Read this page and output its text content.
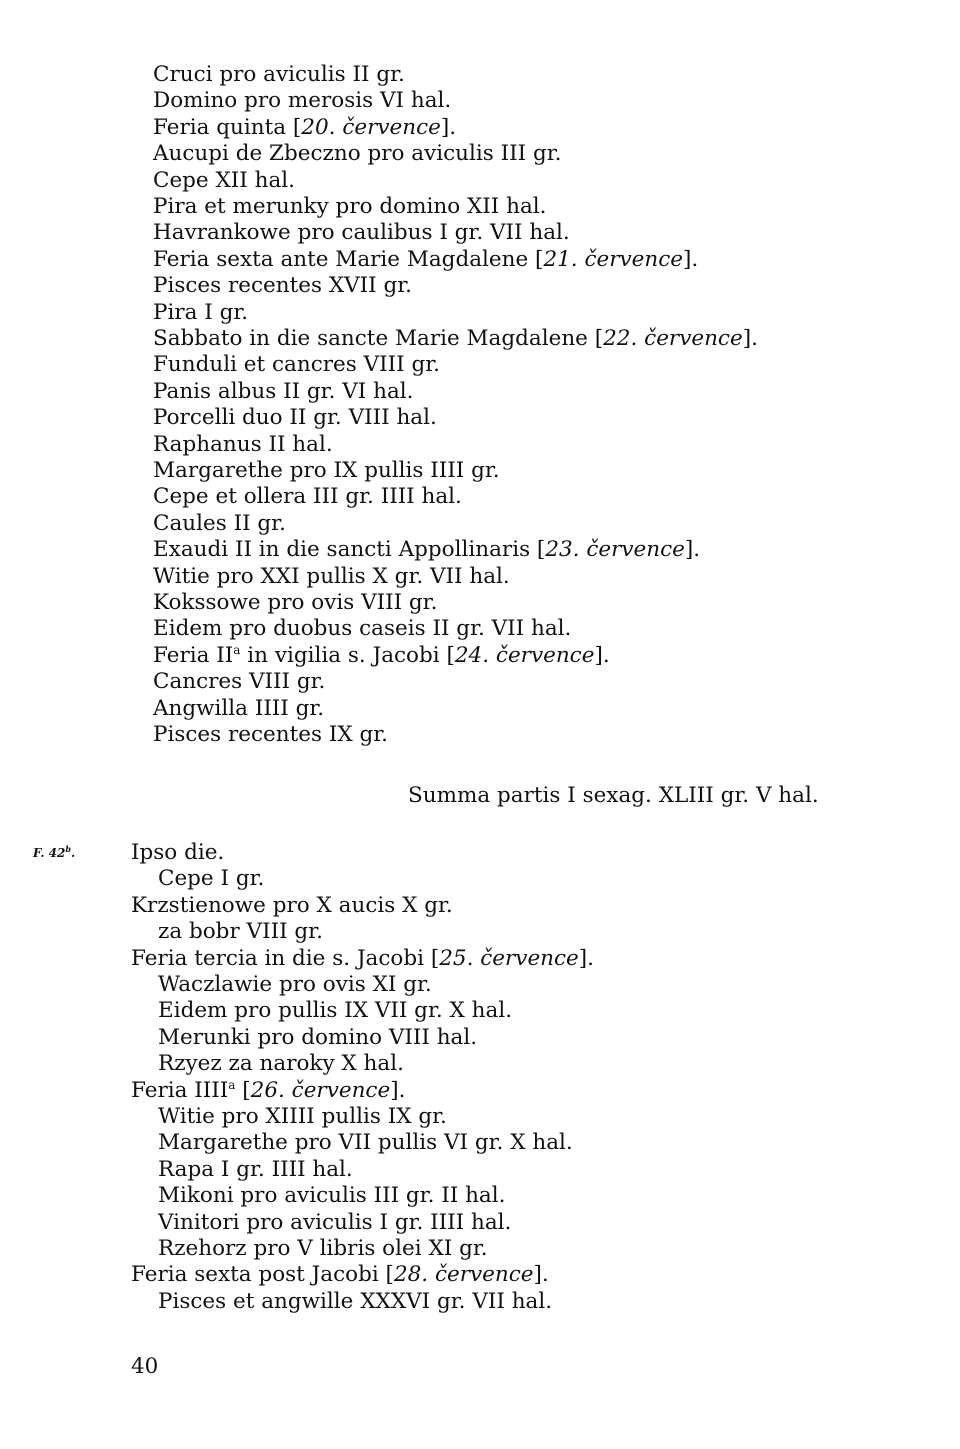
Cruci pro aviculis II gr.
Domino pro merosis VI hal.
Feria quinta [20. července].
Aucupi de Zbeczno pro aviculis III gr.
Cepe XII hal.
Pira et merunky pro domino XII hal.
Havrankowe pro caulibus I gr. VII hal.
Feria sexta ante Marie Magdalene [21. července].
Pisces recentes XVII gr.
Pira I gr.
Sabbato in die sancte Marie Magdalene [22. července].
Funduli et cancres VIII gr.
Panis albus II gr. VI hal.
Porcelli duo II gr. VIII hal.
Raphanus II hal.
Margarethe pro IX pullis IIII gr.
Cepe et ollera III gr. IIII hal.
Caules II gr.
Exaudi II in die sancti Appollinaris [23. července].
Witie pro XXI pullis X gr. VII hal.
Kokssowe pro ovis VIII gr.
Eidem pro duobus caseis II gr. VII hal.
Feria $II^a$ in vigilia s. Jacobi [24. července].
Cancres VIII gr.
Angwilla IIII gr.
Pisces recentes IX gr.
Summa partis I sexag. XLIII gr. V hal.
F. 42$^b$.	Ipso die.
Cepe I gr.
Krzstienowe pro X aucis X gr.
za bobr VIII gr.
Feria tercia in die s. Jacobi [25. července].
Waczlawie pro ovis XI gr.
Eidem pro pullis IX VII gr. X hal.
Merunki pro domino VIII hal.
Rzyez za naroky X hal.
Feria IIII$^a$ [26. července].
Witie pro XIIII pullis IX gr.
Margarethe pro VII pullis VI gr. X hal.
Rapa I gr. IIII hal.
Mikoni pro aviculis III gr. II hal.
Vinitori pro aviculis I gr. IIII hal.
Rzehorz pro V libris olei XI gr.
Feria sexta post Jacobi [28. července].
Pisces et angwille XXXVI gr. VII hal.
40
